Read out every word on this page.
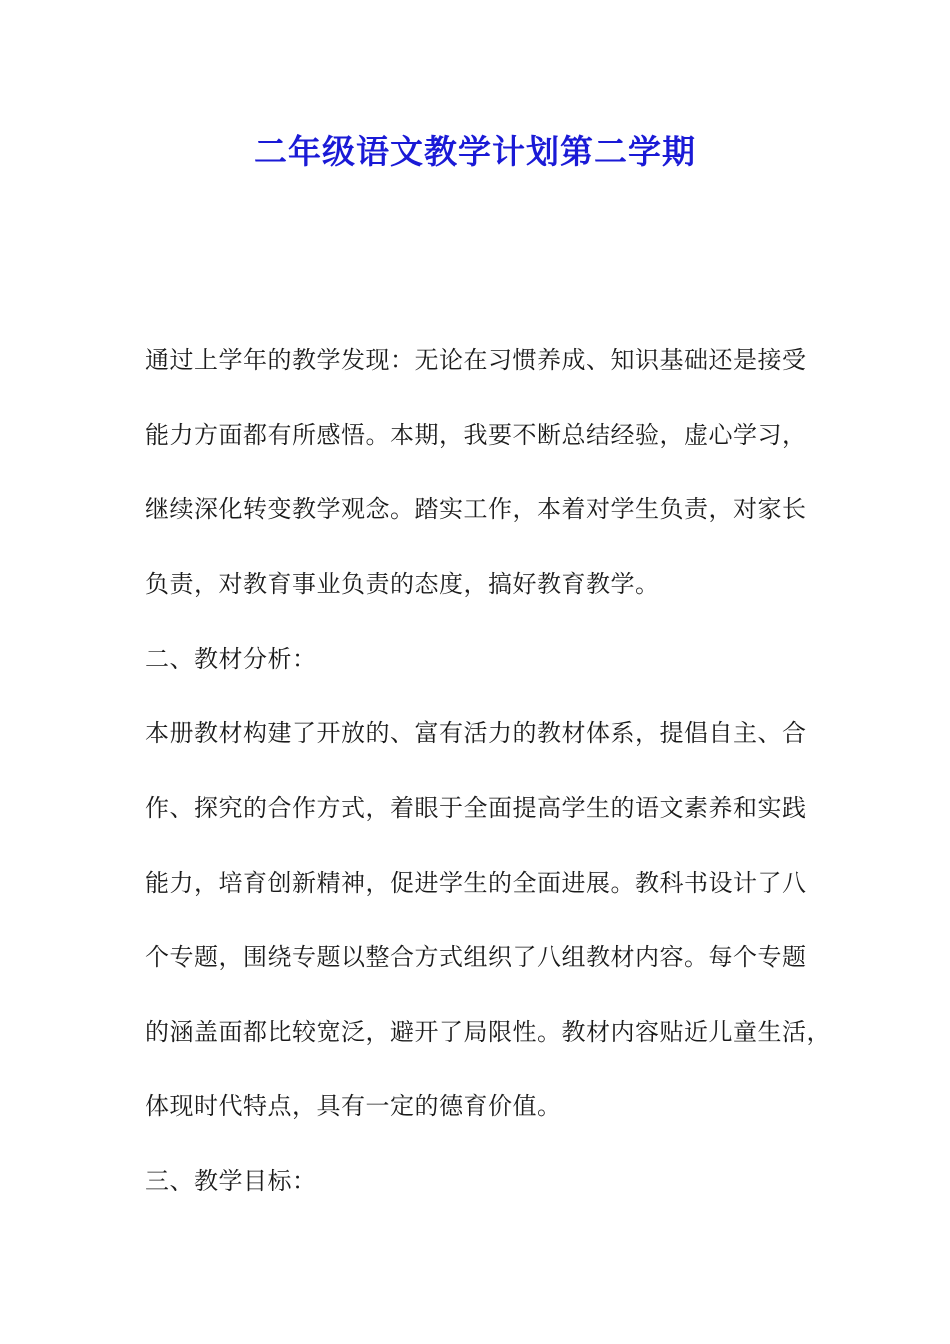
二年级语文教学计划第二学期

通过上学年的教学发现：无论在习惯养成、知识基础还是接受

能力方面都有所感悟。本期，我要不断总结经验，虚心学习，

继续深化转变教学观念。踏实工作，本着对学生负责，对家长

负责，对教育事业负责的态度，搞好教育教学。

二、教材分析：

本册教材构建了开放的、富有活力的教材体系，提倡自主、合

作、探究的合作方式，着眼于全面提高学生的语文素养和实践

能力，培育创新精神，促进学生的全面进展。教科书设计了八

个专题，围绕专题以整合方式组织了八组教材内容。每个专题

的涵盖面都比较宽泛，避开了局限性。教材内容贴近儿童生活，

体现时代特点，具有一定的德育价值。

三、教学目标：
